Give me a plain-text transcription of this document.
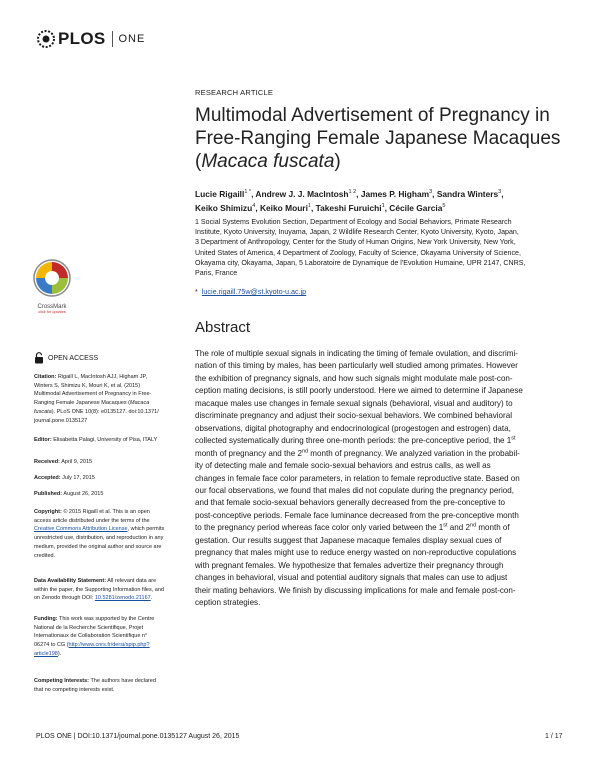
PLOS ONE
RESEARCH ARTICLE
Multimodal Advertisement of Pregnancy in
Free-Ranging Female Japanese Macaques
(Macaca fuscata)
Lucie Rigaill$^{1 *}$, Andrew J. J. MacIntosh$^{1 2}$, James P. Higham$^3$, Sandra Winters$^3$,
Keiko Shimizu$^4$, Keiko Mouri$^1$, Takeshi Furuichi$^1$, Cécile Garcia$^5$
1 Social Systems Evolution Section, Department of Ecology and Social Behaviors, Primate Research
Institute, Kyoto University, Inuyama, Japan, 2 Wildlife Research Center, Kyoto University, Kyoto, Japan,
3 Department of Anthropology, Center for the Study of Human Origins, New York University, New York,
United States of America, 4 Department of Zoology, Faculty of Science, Okayama University of Science,
Okayama city, Okayama, Japan, 5 Laboratoire de Dynamique de l'Evolution Humaine, UPR 2147, CNRS,
Paris, France
* lucie.rigaill.75w@st.kyoto-u.ac.jp
Abstract
The role of multiple sexual signals in indicating the timing of female ovulation, and discrimi-
nation of this timing by males, has been particularly well studied among primates. However
the exhibition of pregnancy signals, and how such signals might modulate male post-con-
ception mating decisions, is still poorly understood. Here we aimed to determine if Japanese
macaque males use changes in female sexual signals (behavioral, visual and auditory) to
discriminate pregnancy and adjust their socio-sexual behaviors. We combined behavioral
observations, digital photography and endocrinological (progestogen and estrogen) data,
collected systematically during three one-month periods: the pre-conceptive period, the 1st
month of pregnancy and the 2nd month of pregnancy. We analyzed variation in the probabil-
ity of detecting male and female socio-sexual behaviors and estrus calls, as well as
changes in female face color parameters, in relation to female reproductive state. Based on
our focal observations, we found that males did not copulate during the pregnancy period,
and that female socio-sexual behaviors generally decreased from the pre-conceptive to
post-conceptive periods. Female face luminance decreased from the pre-conceptive month
to the pregnancy period whereas face color only varied between the 1st and 2nd month of
gestation. Our results suggest that Japanese macaque females display sexual cues of
pregnancy that males might use to reduce energy wasted on non-reproductive copulations
with pregnant females. We hypothesize that females advertize their pregnancy through
changes in behavioral, visual and potential auditory signals that males can use to adjust
their mating behaviors. We finish by discussing implications for male and female post-con-
ception strategies.
CrossMark
click for updates
OPEN ACCESS
Citation: Rigaill L, MacIntosh AJJ, Higham JP,
Winters S, Shimizu K, Mouri K, et al. (2015)
Multimodal Advertisement of Pregnancy in Free-
Ranging Female Japanese Macaques (Macaca
fuscata). PLoS ONE 10(8): e0135127. doi:10.1371/
journal.pone.0135127
Editor: Elisabetta Palagi, University of Pisa, ITALY
Received: April 9, 2015
Accepted: July 17, 2015
Published: August 26, 2015
Copyright: © 2015 Rigaill et al. This is an open
access article distributed under the terms of the
Creative Commons Attribution License, which permits
unrestricted use, distribution, and reproduction in any
medium, provided the original author and source are
credited.
Data Availability Statement: All relevant data are
within the paper, the Supporting Information files, and
on Zenodo through DOI: 10.5281/zenodo.21167.
Funding: This work was supported by the Centre
National de la Recherche Scientifique, Projet
Internationaux de Collaboration Scientifique n°
06274 to CG (http://www.cnrs.fr/dersi/spip.php?
article198).
Competing Interests: The authors have declared
that no competing interests exist.
PLOS ONE | DOI:10.1371/journal.pone.0135127 August 26, 2015	1 / 17
